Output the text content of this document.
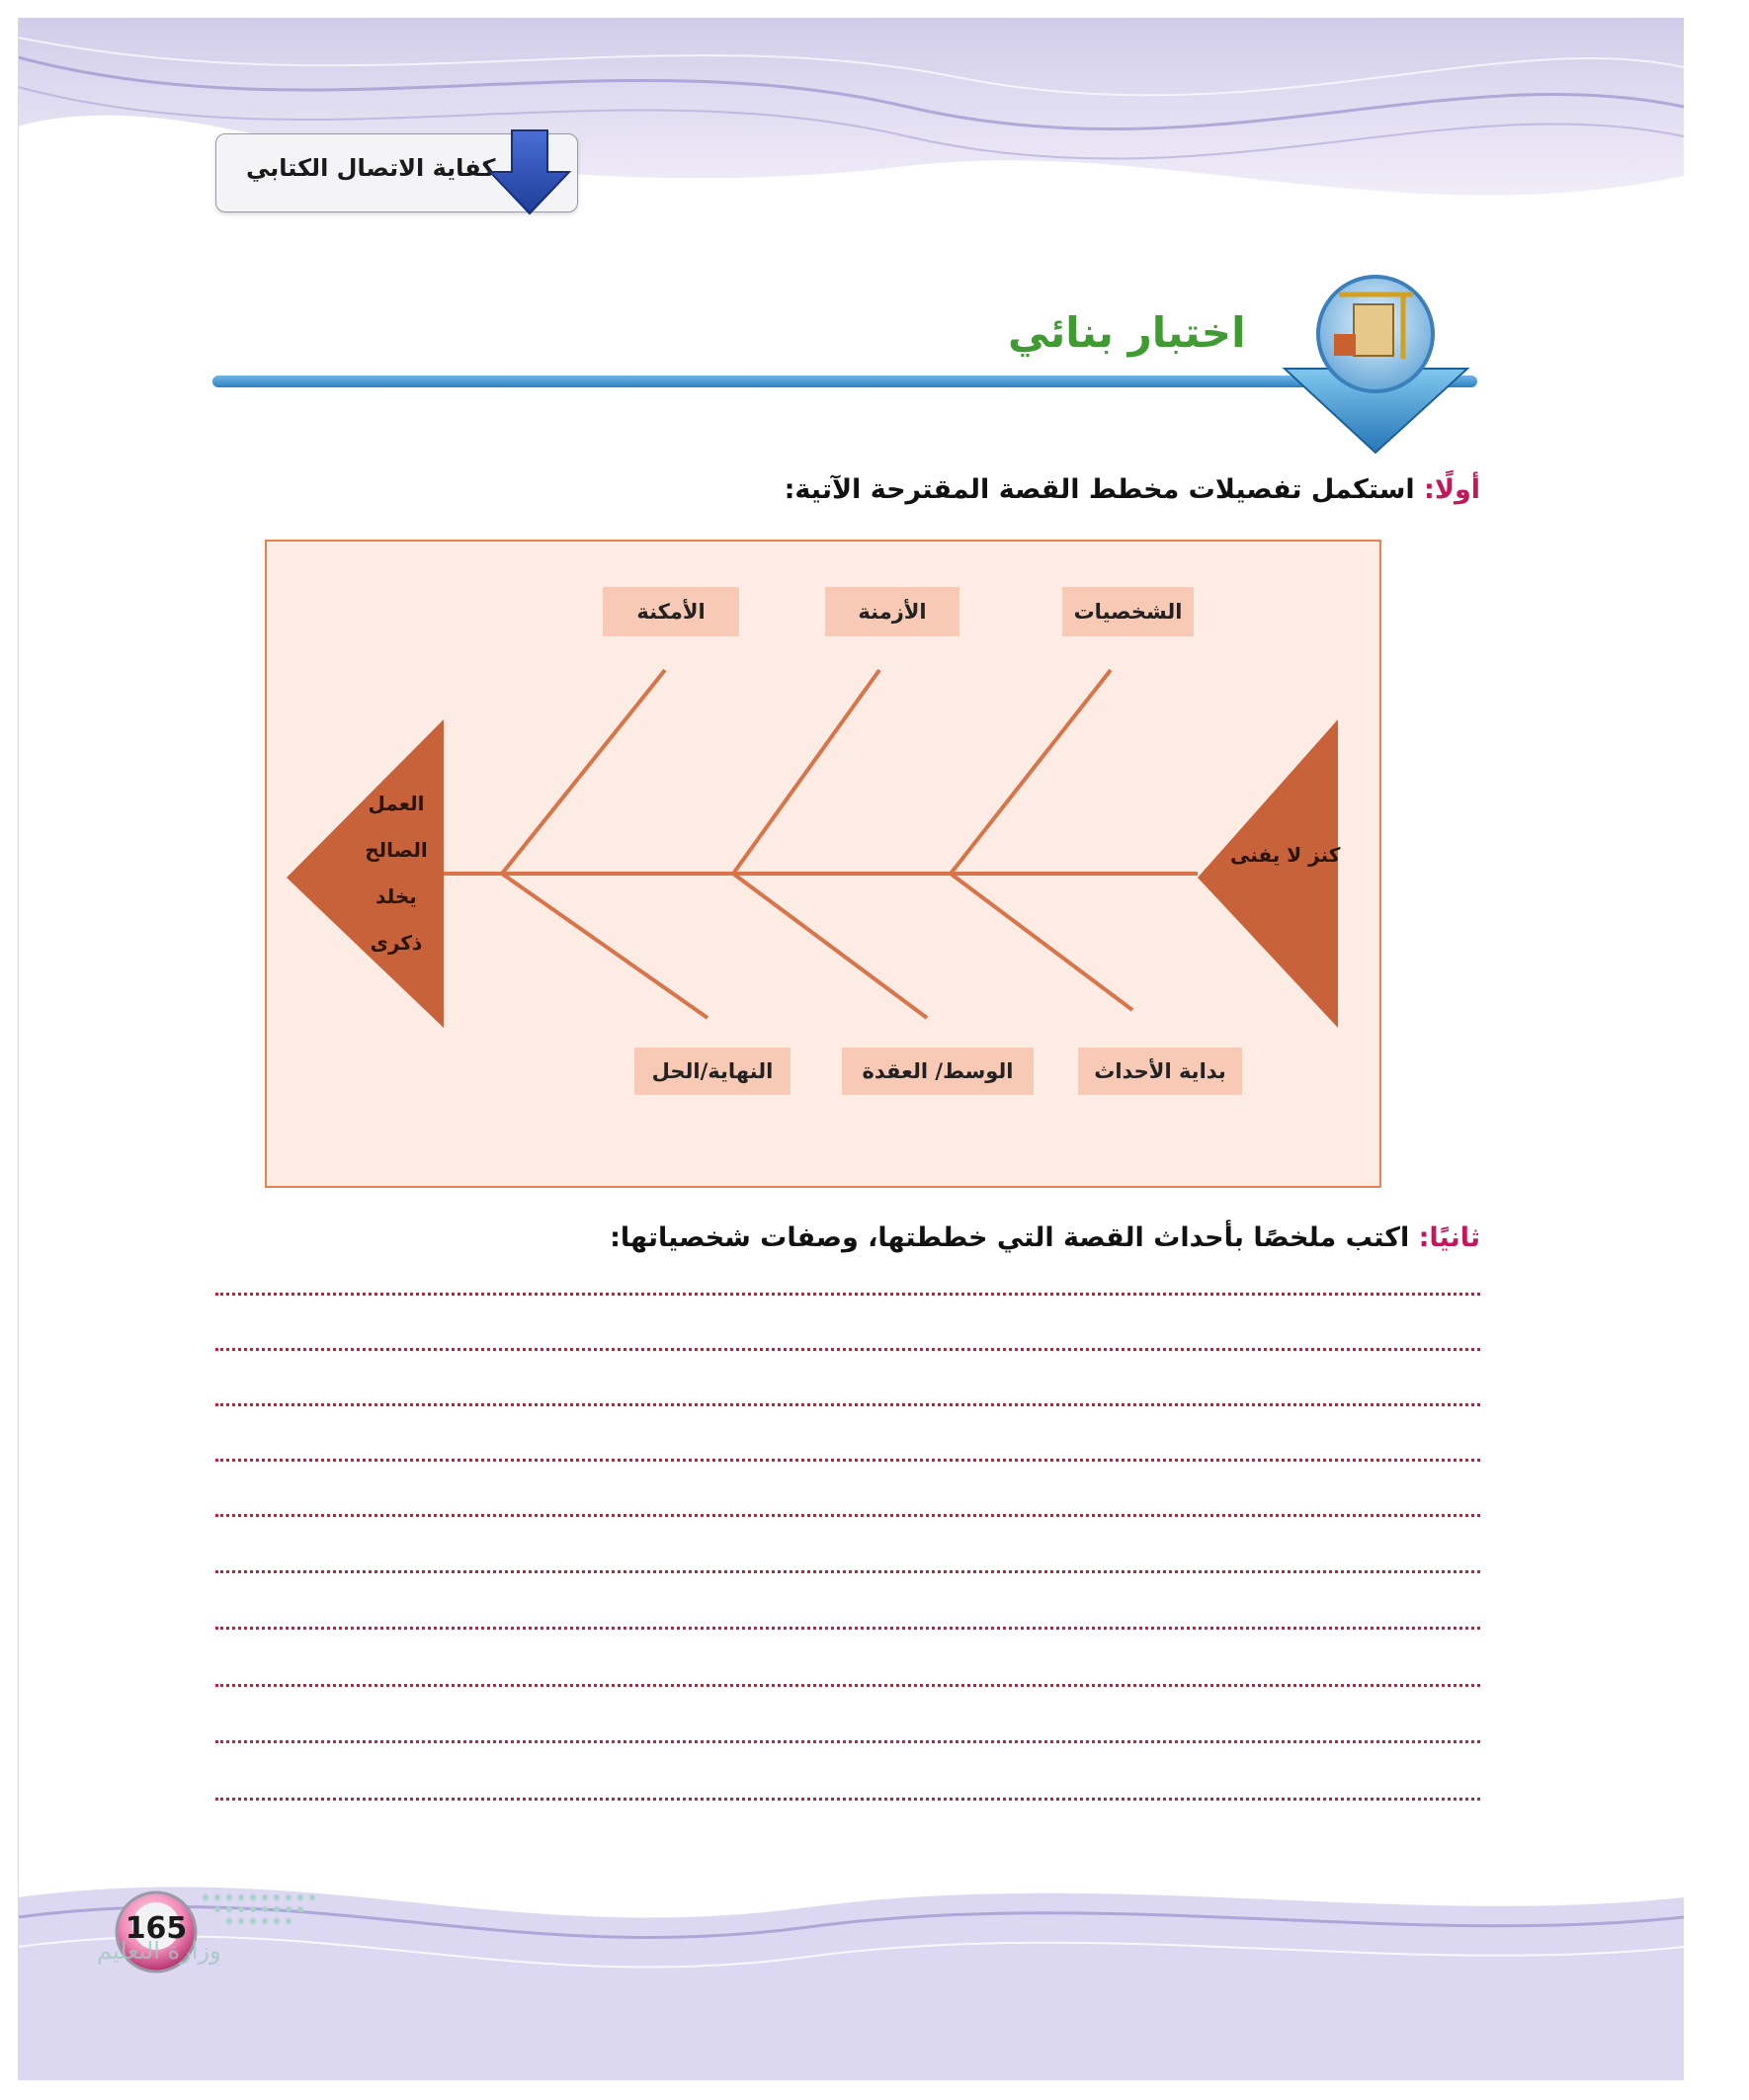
كفاية الاتصال الكتابي
اختبار بنائي
أولًا: استكمل تفصيلات مخطط القصة المقترحة الآتية:
كنز لا يفنى
العمل
الصالح
يخلد
ذكرى
الشخصيات
الأزمنة
الأمكنة
بداية الأحداث
الوسط/ العقدة
النهاية/الحل
ثانيًا: اكتب ملخصًا بأحداث القصة التي خططتها، وصفات شخصياتها:
165
وزارة التعليم
